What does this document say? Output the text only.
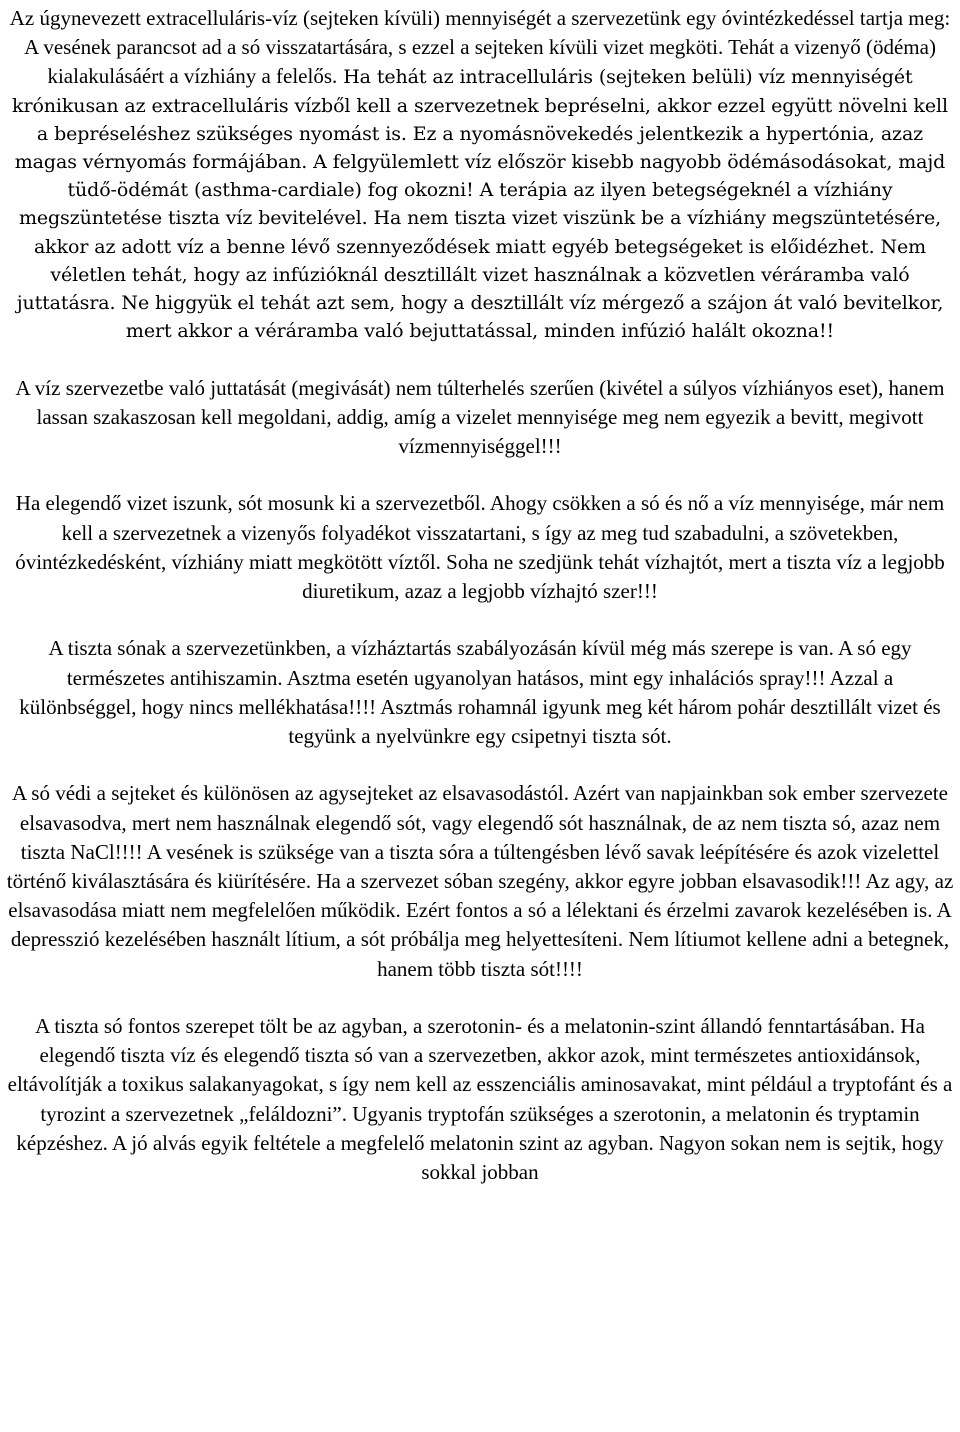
Az úgynevezett extracelluláris-víz (sejteken kívüli) mennyiségét a szervezetünk egy óvintézkedéssel tartja meg: A vesének parancsot ad a só visszatartására, s ezzel a sejteken kívüli vizet megköti. Tehát a vizenyő (ödéma) kialakulásáért a vízhiány a felelős. Ha tehát az intracelluláris (sejteken belüli) víz mennyiségét krónikusan az extracelluláris vízből kell a szervezetnek bepréselni, akkor ezzel együtt növelni kell a bepréseléshez szükséges nyomást is. Ez a nyomásnövekedés jelentkezik a hypertónia, azaz magas vérnyomás formájában. A felgyülemlett víz először kisebb nagyobb ödémásodásokat, majd tüdő-ödémát (asthma-cardiale) fog okozni! A terápia az ilyen betegségeknél a vízhiány megszüntetése tiszta víz bevitelével. Ha nem tiszta vizet viszünk be a vízhiány megszüntetésére, akkor az adott víz a benne lévő szennyeződések miatt egyéb betegségeket is előidézhet. Nem véletlen tehát, hogy az infúzióknál desztillált vizet használnak a közvetlen véráramba való juttatásra. Ne higgyük el tehát azt sem, hogy a desztillált víz mérgező a szájon át való bevitelkor, mert akkor a véráramba való bejuttatással, minden infúzió halált okozna!!

A víz szervezetbe való juttatását (megivását) nem túlterhelés szerűen (kivétel a súlyos vízhiányos eset), hanem lassan szakaszosan kell megoldani, addig, amíg a vizelet mennyisége meg nem egyezik a bevitt, megivott vízmennyiséggel!!!

Ha elegendő vizet iszunk, sót mosunk ki a szervezetből. Ahogy csökken a só és nő a víz mennyisége, már nem kell a szervezetnek a vizenyős folyadékot visszatartani, s így az meg tud szabadulni, a szövetekben, óvintézkedésként, vízhiány miatt megkötött víztől. Soha ne szedjünk tehát vízhajtót, mert a tiszta víz a legjobb diuretikum, azaz a legjobb vízhajtó szer!!!

A tiszta sónak a szervezetünkben, a vízháztartás szabályozásán kívül még más szerepe is van. A só egy természetes antihiszamin. Asztma esetén ugyanolyan hatásos, mint egy inhalációs spray!!! Azzal a különbséggel, hogy nincs mellékhatása!!!! Asztmás rohamnál igyunk meg két három pohár desztillált vizet és tegyünk a nyelvünkre egy csipetnyi tiszta sót.

A só védi a sejteket és különösen az agysejteket az elsavasodástól. Azért van napjainkban sok ember szervezete elsavasodva, mert nem használnak elegendő sót, vagy elegendő sót használnak, de az nem tiszta só, azaz nem tiszta NaCl!!!! A vesének is szüksége van a tiszta sóra a túltengésben lévő savak leépítésére és azok vizelettel történő kiválasztására és kiürítésére. Ha a szervezet sóban szegény, akkor egyre jobban elsavasodik!!! Az agy, az elsavasodása miatt nem megfelelően működik. Ezért fontos a só a lélektani és érzelmi zavarok kezelésében is. A depresszió kezelésében használt lítium, a sót próbálja meg helyettesíteni. Nem lítiumot kellene adni a betegnek, hanem több tiszta sót!!!!

A tiszta só fontos szerepet tölt be az agyban, a szerotonin- és a melatonin-szint állandó fenntartásában. Ha elegendő tiszta víz és elegendő tiszta só van a szervezetben, akkor azok, mint természetes antioxidánsok, eltávolítják a toxikus salakanyagokat, s így nem kell az esszenciális aminosavakat, mint például a tryptofánt és a tyrozint a szervezetnek „feláldozni”. Ugyanis tryptofán szükséges a szerotonin, a melatonin és tryptamin képzéshez. A jó alvás egyik feltétele a megfelelő melatonin szint az agyban. Nagyon sokan nem is sejtik, hogy sokkal jobban
